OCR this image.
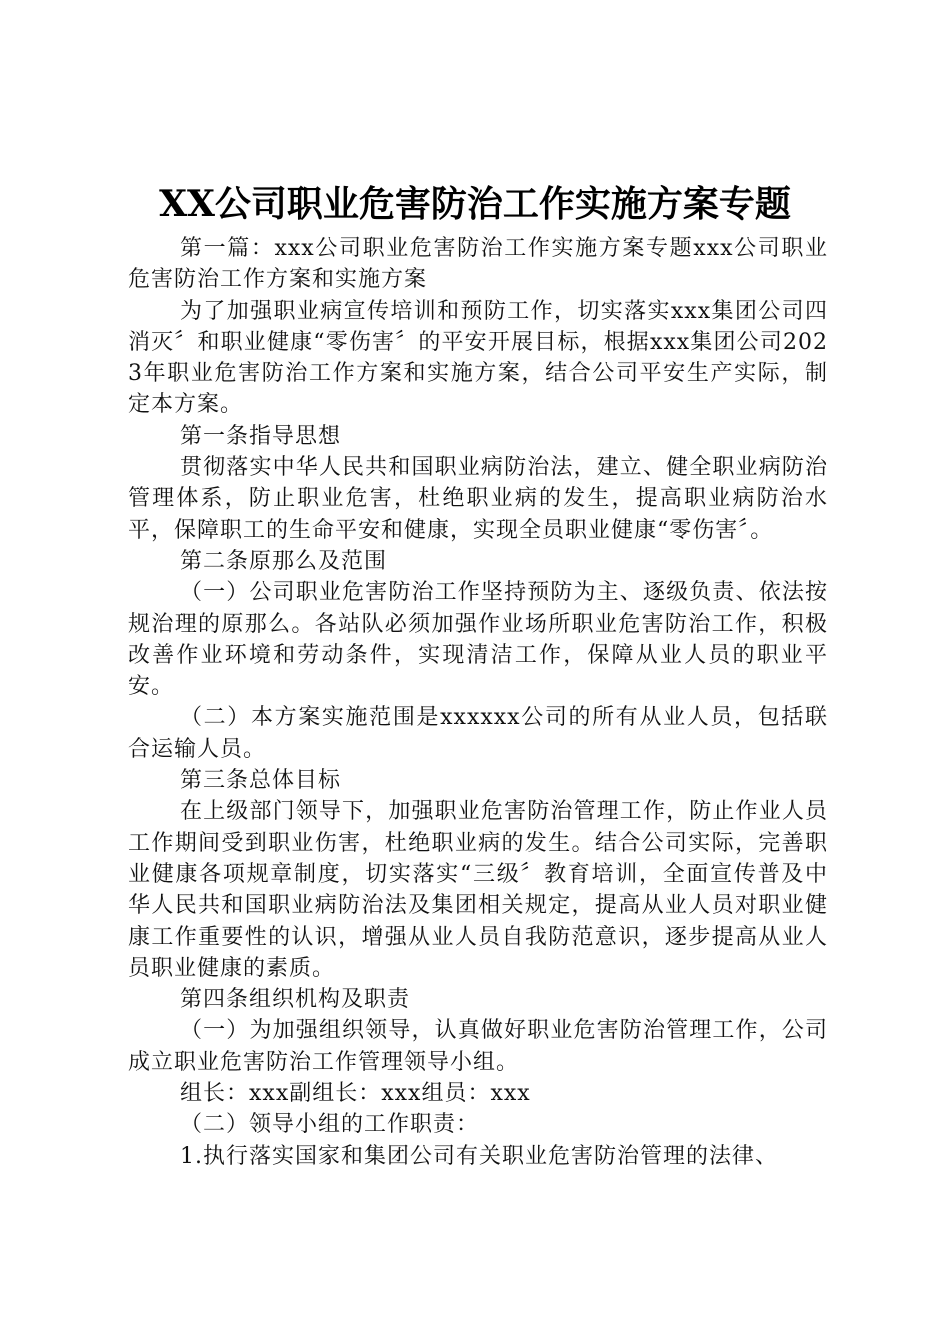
XX公司职业危害防治工作实施方案专题

第一篇：xxx公司职业危害防治工作实施方案专题xxx公司职业危害防治工作方案和实施方案

为了加强职业病宣传培训和预防工作，切实落实xxx集团公司四消灭〞和职业健康“零伤害〞的平安开展目标，根据xxx集团公司2023年职业危害防治工作方案和实施方案，结合公司平安生产实际，制定本方案。

第一条指导思想

贯彻落实中华人民共和国职业病防治法，建立、健全职业病防治管理体系，防止职业危害，杜绝职业病的发生，提高职业病防治水平，保障职工的生命平安和健康，实现全员职业健康“零伤害〞。

第二条原那么及范围

（一）公司职业危害防治工作坚持预防为主、逐级负责、依法按规治理的原那么。各站队必须加强作业场所职业危害防治工作，积极改善作业环境和劳动条件，实现清洁工作，保障从业人员的职业平安。

（二）本方案实施范围是xxxxxx公司的所有从业人员，包括联合运输人员。

第三条总体目标

在上级部门领导下，加强职业危害防治管理工作，防止作业人员工作期间受到职业伤害，杜绝职业病的发生。结合公司实际，完善职业健康各项规章制度，切实落实“三级〞教育培训，全面宣传普及中华人民共和国职业病防治法及集团相关规定，提高从业人员对职业健康工作重要性的认识，增强从业人员自我防范意识，逐步提高从业人员职业健康的素质。

第四条组织机构及职责

（一）为加强组织领导，认真做好职业危害防治管理工作，公司成立职业危害防治工作管理领导小组。

组长：xxx副组长：xxx组员：xxx

（二）领导小组的工作职责：

1.执行落实国家和集团公司有关职业危害防治管理的法律、
